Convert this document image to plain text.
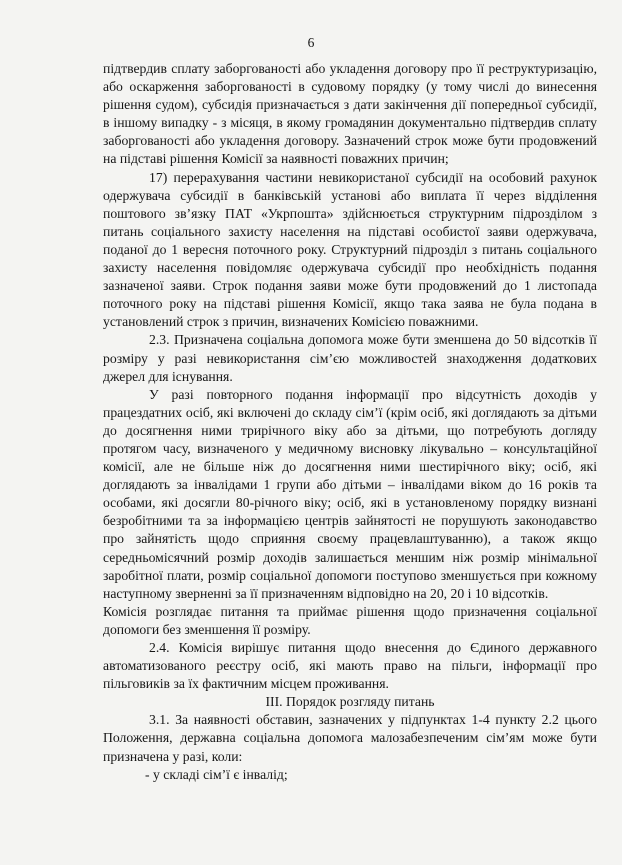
6

підтвердив сплату заборгованості або укладення договору про її реструктуризацію, або оскарження заборгованості в судовому порядку (у тому числі до винесення рішення судом), субсидія призначається з дати закінчення дії попередньої субсидії, в іншому випадку - з місяця, в якому громадянин документально підтвердив сплату заборгованості або укладення договору. Зазначений строк може бути продовжений на підставі рішення Комісії за наявності поважних причин;

17) перерахування частини невикористаної субсидії на особовий рахунок одержувача субсидії в банківській установі або виплата її через відділення поштового зв’язку ПАТ «Укрпошта» здійснюється структурним підрозділом з питань соціального захисту населення на підставі особистої заяви одержувача, поданої до 1 вересня поточного року. Структурний підрозділ з питань соціального захисту населення повідомляє одержувача субсидії про необхідність подання зазначеної заяви. Строк подання заяви може бути продовжений до 1 листопада поточного року на підставі рішення Комісії, якщо така заява не була подана в установлений строк з причин, визначених Комісією поважними.

2.3. Призначена соціальна допомога може бути зменшена до 50 відсотків її розміру у разі невикористання сім’єю можливостей знаходження додаткових джерел для існування.

У разі повторного подання інформації про відсутність доходів у працездатних осіб, які включені до складу сім’ї (крім осіб, які доглядають за дітьми до досягнення ними трирічного віку або за дітьми, що потребують догляду протягом часу, визначеного у медичному висновку лікувально – консультаційної комісії, але не більше ніж до досягнення ними шестирічного віку; осіб, які доглядають за інвалідами 1 групи або дітьми – інвалідами віком до 16 років та особами, які досягли 80-річного віку; осіб, які в установленому порядку визнані безробітними та за інформацією центрів зайнятості не порушують законодавство про зайнятість щодо сприяння своєму працевлаштуванню), а також якщо середньомісячний розмір доходів залишається меншим ніж розмір мінімальної заробітної плати, розмір соціальної допомоги поступово зменшується при кожному наступному зверненні за її призначенням відповідно на 20, 20 і 10 відсотків.

Комісія розглядає питання та приймає рішення щодо призначення соціальної допомоги без зменшення її розміру.

2.4. Комісія вирішує питання щодо внесення до Єдиного державного автоматизованого реєстру осіб, які мають право на пільги, інформації про пільговиків за їх фактичним місцем проживання.

ІІІ. Порядок розгляду питань

3.1. За наявності обставин, зазначених у підпунктах 1-4 пункту 2.2 цього Положення, державна соціальна допомога малозабезпеченим сім’ям може бути призначена у разі, коли:

- у складі сім’ї є інвалід;
